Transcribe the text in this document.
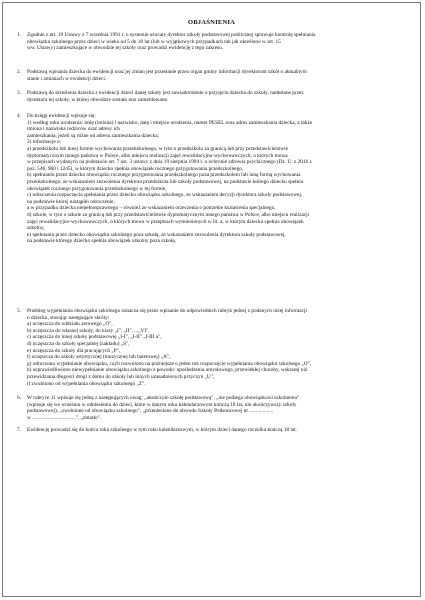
OBJAŚNIENIA
1.	Zgodnie z art. 19 Ustawy z 7 września 1991 r. o systemie oświaty dyrektor szkoły podstawowej publicznej sprawuje kontrolę spełniania
obowiązku szkolnego przez dzieci w wieku od 5 do 18 lat (lub w wyjątkowych przypadkach tak jak określono w art. 15
ww. Ustawy) zamieszkujące w obwodzie tej szkoły oraz prowadzi ewidencję z tego zakresu.
2.	Podstawą wpisania dziecka do ewidencji oraz jej zmian jest przesłanie przez organ gminy informacji dyrektorom szkół o aktualnym
stanie i zmianach w ewidencji dzieci.
3.	Podstawą do skreślenia dziecka z ewidencji dzieci danej szkoły jest zawiadomienie o przyjęciu dziecka do szkoły, nadesłane przez
dyrektora tej szkoły, w której obwodzie zostało ono zameldowane.
4.	Do księgi ewidencji wpisuje się:
1) według roku urodzenia: imię (imiona) i nazwisko, datę i miejsce urodzenia, numer PESEL oraz adres zamieszkania dziecka, a także
imiona i nazwiska rodziców oraz adresy ich
zamieszkania, jeżeli są różne od adresu zamieszkania dziecka;
2) informacje o:
a) przedszkolu lub innej formie wychowania przedszkolnego, w tym o przedszkolu za granicą lub przy przedstawicielstwie
dyplomatycznym innego państwa w Polsce, albo miejscu realizacji zajęć rewalidacyjno-wychowawczych, o których mowa
w przepisach wydanych na podstawie art. 7 ust. 3 ustawy z dnia 19 sierpnia 1994 r. o ochronie zdrowia psychicznego (Dz. U. z 2016 r.
poz. 546, 960 i 1245), w którym dziecko spełnia obowiązek rocznego przygotowania przedszkolnego,
b) spełnianiu przez dziecko obowiązku rocznego przygotowania przedszkolnego poza przedszkolem lub inną formą wychowania
przedszkolnego, ze wskazaniem zezwolenia dyrektora przedszkola lub szkoły podstawowej, na podstawie którego dziecko spełnia
obowiązek rocznego przygotowania przedszkolnego w tej formie,
c) odroczeniu rozpoczęcia spełniania przez dziecko obowiązku szkolnego, ze wskazaniem decyzji dyrektora szkoły podstawowej,
na podstawie której nastąpiło odroczenie,
a w przypadku dziecka niepełnosprawnego – również ze wskazaniem orzeczenia o potrzebie kształcenia specjalnego,
d) szkole, w tym o szkole za granicą lub przy przedstawicielstwie dyplomatycznym innego państwa w Polsce, albo miejscu realizacji
zajęć rewalidacyjno-wychowawczych, o których mowa w przepisach wymienionych w lit. a, w którym dziecko spełnia obowiązek
szkolny,
e) spełnianiu przez dziecko obowiązku szkolnego poza szkołą, ze wskazaniem zezwolenia dyrektora szkoły podstawowej,
na podstawie którego dziecko spełnia obowiązek szkolny poza szkołą.
5.	Przebieg wypełniania obowiązku szkolnego oznacza się przez wpisanie do odpowiednich rubryk jednej z podanych niżej informacji
o dziecku, stosując następujące skróty:
a) uczęszcza do oddziału zerowego „O",
b) uczęszcza do własnej szkoły, do klasy „I", „II", ...„VI",
c) uczęszcza do innej szkoły podstawowej „I-I", „I-II" „I-III a",
d) uczęszcza do szkoły specjalnej (zakładu) „S",
e) uczęszcza do szkoły dla pracujących „P",
f) uczęszcza do szkoły artystycznej (muzycznej lub baletowej) „A",
g) odroczono wypełnianie obowiązku, czyli rozwolono na późniejsze o jeden rok rozpoczęcie wypełniania obowiązku szkolnego „O",
h) usprawiedliwiono niewypełnianie obowiązku szkolnego z powodu: upośledzenia umysłowego, przewlekłej choroby, wskrzesj niż
przewidziana długości drogi z domu do szkoły lub innych uzasadnionych przyczyn „U",
i) zwolniono od wypełniania obowiązku szkolnego „Z".
6.	W rubryce 11 wpisuje się jedną z następujących uwag: „ukończyło szkołę podstawową", „nie podlega obowiązkowi szkolnemu"
(wpisuje się we wrześniu w odniesieniu do dzieci, które w danym roku kalendarzowym kończą 18 lat, nie ukończywszy szkoły
podstawowej), „zwolnione od obowiązku szkolnego", „przeniesione do obwodu Szkoły Podstawowej nr ..................
w .................................", „zmarło".
7.	Ewidencję prowadzi się do końca roku szkolnego w tym roku kalendarzowym, w którym dzieci danego rocznika kończą 18 lat.
